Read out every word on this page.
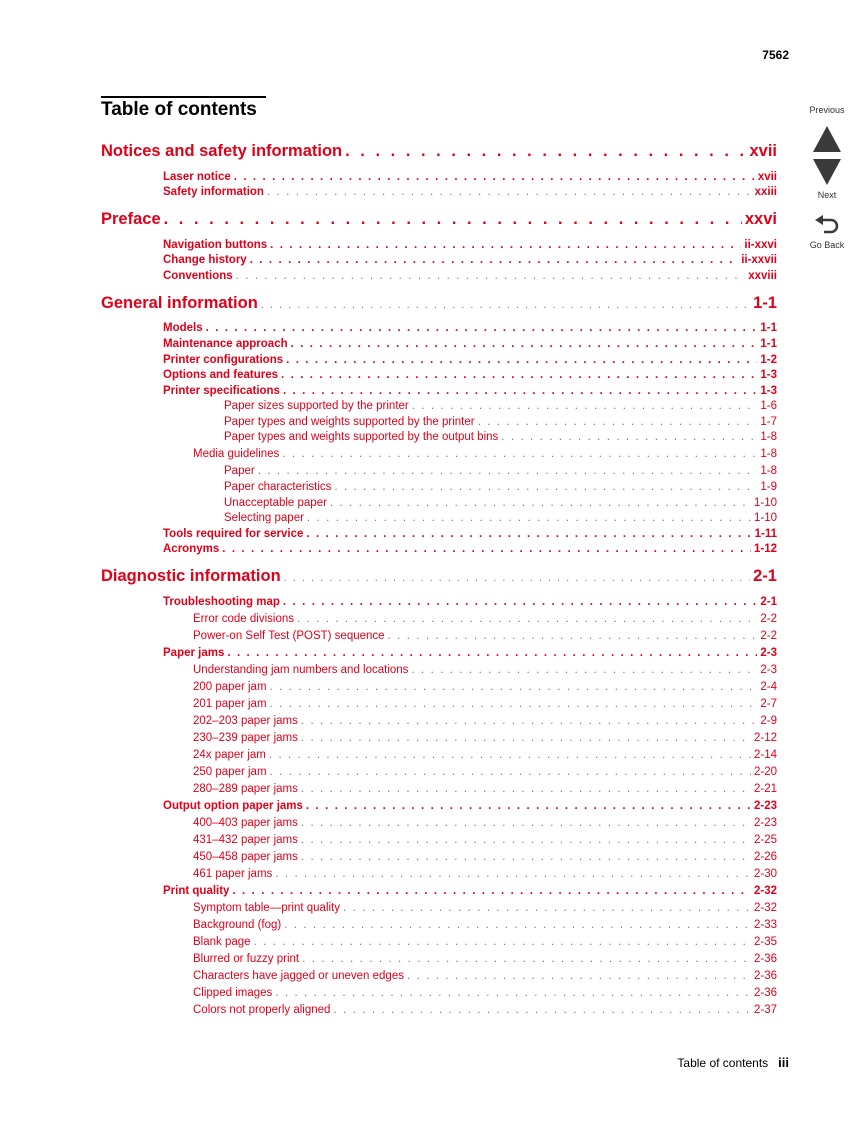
7562
Table of contents	Previous
Next
Go Back
Notices and safety information . . .	xvii
Laser notice . . .	xvii
Safety information . . .	xxiii
Preface . . .	xxvi
Navigation buttons . . .	ii-xxvi
Change history . . .	ii-xxvii
Conventions . . .	xxviii
General information . . .	1-1
Models . . .	1-1
Maintenance approach . . .	1-1
Printer configurations . . .	1-2
Options and features . . .	1-3
Printer specifications . . .	1-3
Paper sizes supported by the printer . . .	1-6
Paper types and weights supported by the printer . . .	1-7
Paper types and weights supported by the output bins . . .	1-8
Media guidelines . . .	1-8
Paper . . .	1-8
Paper characteristics . . .	1-9
Unacceptable paper . . .	1-10
Selecting paper . . .	1-10
Tools required for service . . .	1-11
Acronyms . . .	1-12
Diagnostic information . . .	2-1
Troubleshooting map . . .	2-1
Error code divisions . . .	2-2
Power-on Self Test (POST) sequence . . .	2-2
Paper jams . . .	2-3
Understanding jam numbers and locations . . .	2-3
200 paper jam . . .	2-4
201 paper jam . . .	2-7
202–203 paper jams . . .	2-9
230–239 paper jams . . .	2-12
24x paper jam . . .	2-14
250 paper jam . . .	2-20
280–289 paper jams . . .	2-21
Output option paper jams . . .	2-23
400–403 paper jams . . .	2-23
431–432 paper jams . . .	2-25
450–458 paper jams . . .	2-26
461 paper jams . . .	2-30
Print quality . . .	2-32
Symptom table—print quality . . .	2-32
Background (fog) . . .	2-33
Blank page . . .	2-35
Blurred or fuzzy print . . .	2-36
Characters have jagged or uneven edges . . .	2-36
Clipped images . . .	2-36
Colors not properly aligned . . .	2-37
Table of contents iii
